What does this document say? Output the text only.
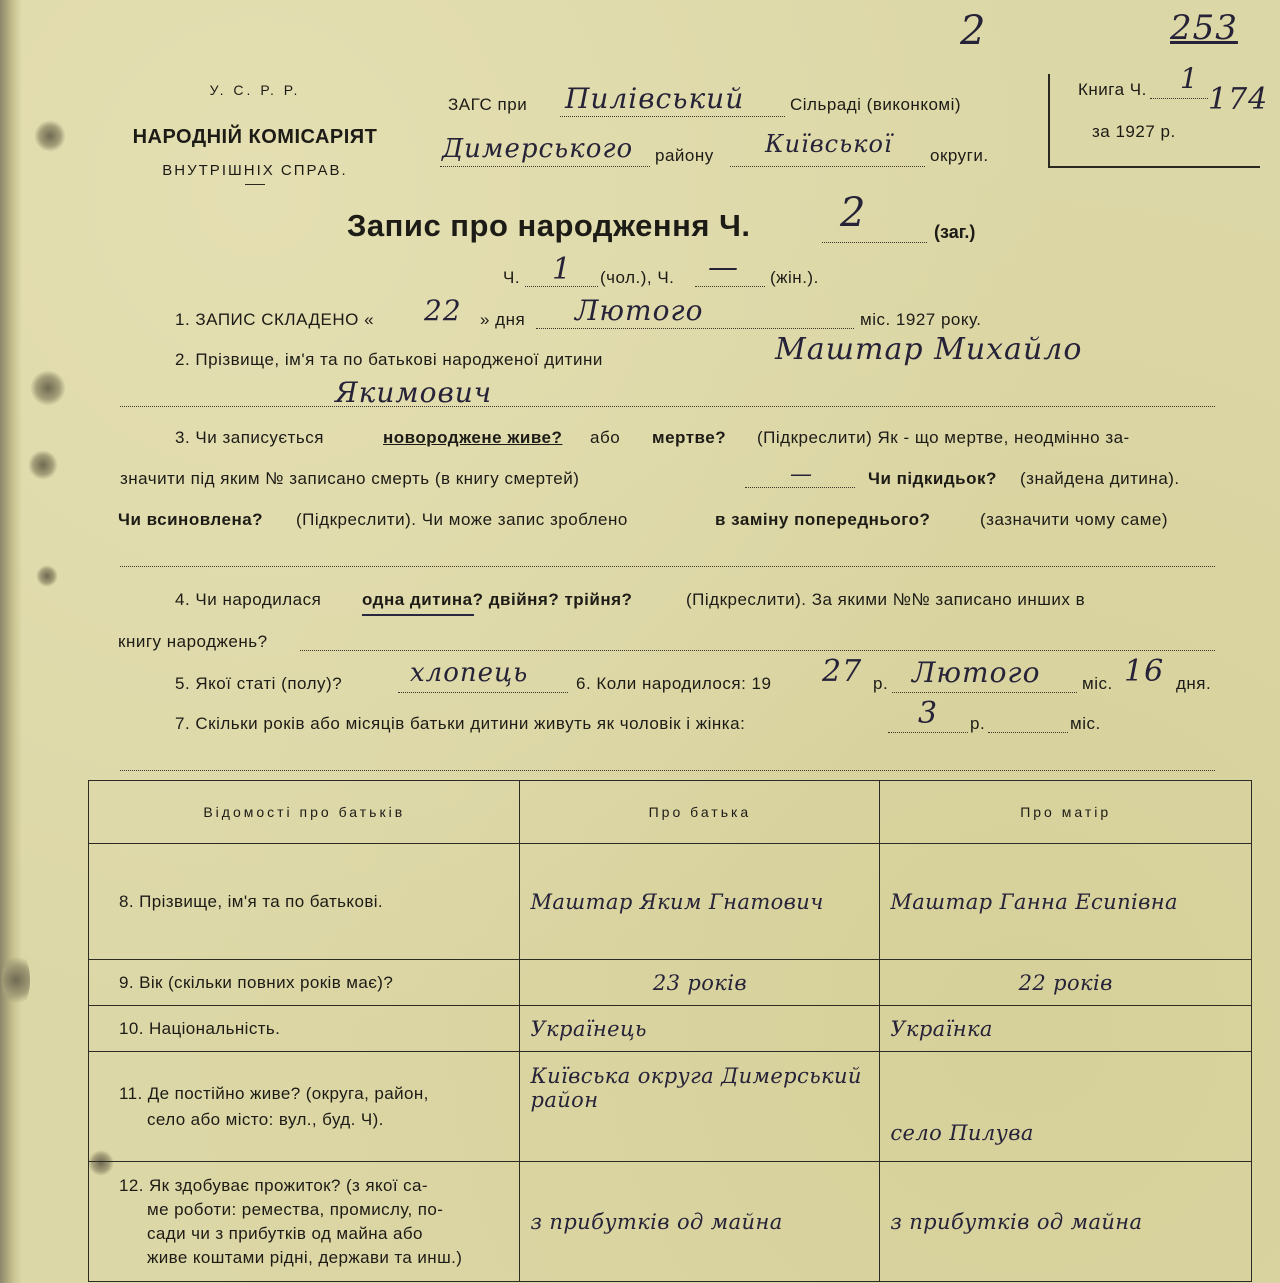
2	253
У. С. Р. Р.
НАРОДНІЙ КОМІСАРІЯТ
ВНУТРІШНІХ СПРАВ.
ЗАГС при Пилівський	Сільраді (виконкомі)
Димерського району Київської округи.
Книга Ч. 1
174
за 1927 р.
Запис про народження Ч. 2	(заг.)
Ч. 1 (чол.), Ч. — (жін.).
1. ЗАПИС СКЛАДЕНО « 22 » дня Лютого	міс. 1927 року.
2. Прізвище, ім'я та по батькові народженої дитини	Маштар Михайло
Якимович
3. Чи записується	новороджене живе? або мертве? (Підкреслити) Як - що мертве, неодмінно за-
значити під яким № записано смерть (в книгу смертей)	—	Чи підкидьок? (знайдена дитина).
Чи всиновлена? (Підкреслити). Чи може запис зроблено	в заміну попереднього?	(зазначити чому саме)
4. Чи народилася одна дитина? двійня? трійня?	(Підкреслити). За якими №№ записано инших в
книгу народжень?
5. Якої статі (полу)?	хлопець	6. Коли народилося: 19 27 р. Лютого міс. 16 дня.
7. Скільки років або місяців батьки дитини живуть як чоловік і жінка:	3 р.	міс.
Відомості про батьків	Про батька	Про матір
8. Прізвище, ім'я та по батькові.	Маштар Яким Гнатович	Маштар Ганна Есипівна
9. Вік (скільки повних років має)?	23 років	22 років
10. Національність.	Українець	Українка

11. Де постійно живе? (округа, район,
село або місто: вул., буд. Ч).	Київська округа Димерський район	село Пилува

12. Як здобуває прожиток? (з якої са-
ме роботи: ремества, промислу, по-
сади чи з прибутків од майна або
живе коштами рідні, держави та инш.)	з прибутків од майна	з прибутків од майна
